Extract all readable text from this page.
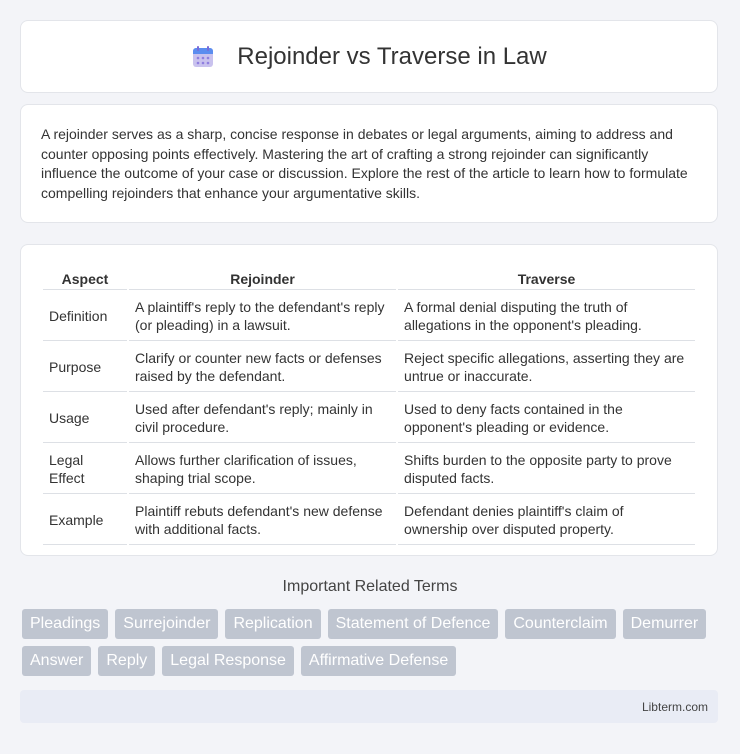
Rejoinder vs Traverse in Law

A rejoinder serves as a sharp, concise response in debates or legal arguments, aiming to address and counter opposing points effectively. Mastering the art of crafting a strong rejoinder can significantly influence the outcome of your case or discussion. Explore the rest of the article to learn how to formulate compelling rejoinders that enhance your argumentative skills.

Aspect	Rejoinder	Traverse
Definition	A plaintiff's reply to the defendant's reply (or pleading) in a lawsuit.	A formal denial disputing the truth of allegations in the opponent's pleading.
Purpose	Clarify or counter new facts or defenses raised by the defendant.	Reject specific allegations, asserting they are untrue or inaccurate.
Usage	Used after defendant's reply; mainly in civil procedure.	Used to deny facts contained in the opponent's pleading or evidence.
Legal Effect	Allows further clarification of issues, shaping trial scope.	Shifts burden to the opposite party to prove disputed facts.
Example	Plaintiff rebuts defendant's new defense with additional facts.	Defendant denies plaintiff's claim of ownership over disputed property.
Important Related Terms
Pleadings	Surrejoinder	Replication	Statement of Defence	Counterclaim	Demurrer
Answer	Reply	Legal Response	Affirmative Defense
Libterm.com
